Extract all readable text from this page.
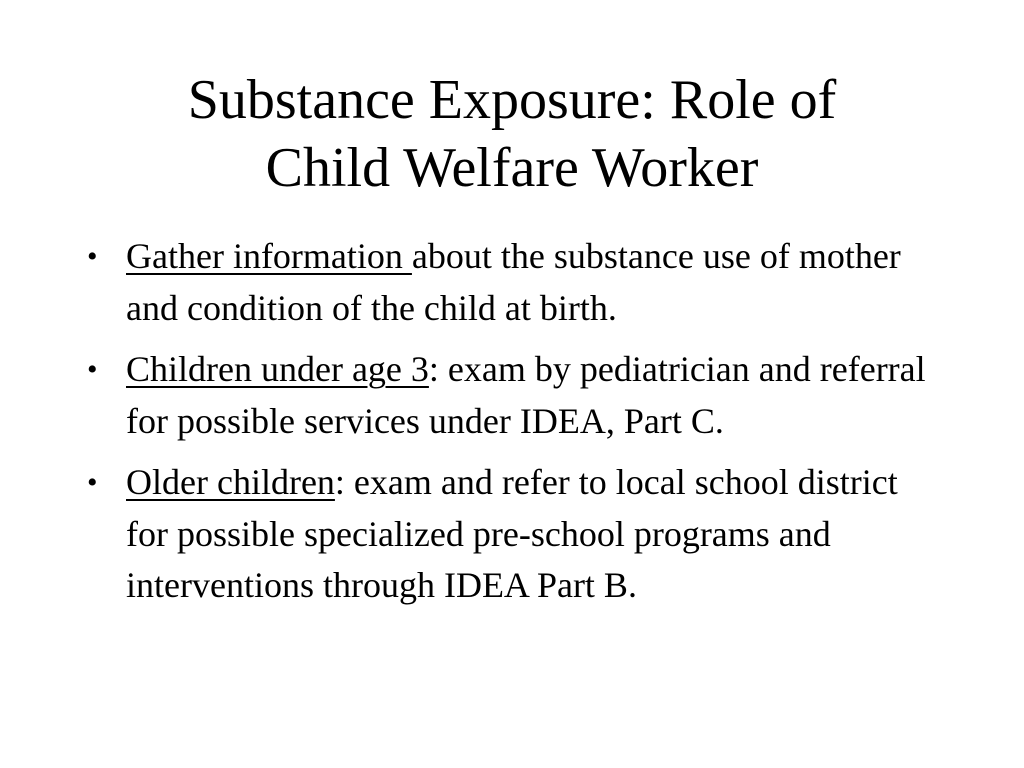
Substance Exposure: Role of
Child Welfare Worker
• Gather information about the substance use of mother and condition of the child at birth.
• Children under age 3: exam by pediatrician and referral for possible services under IDEA, Part C.
• Older children: exam and refer to local school district for possible specialized pre-school programs and interventions through IDEA Part B.
